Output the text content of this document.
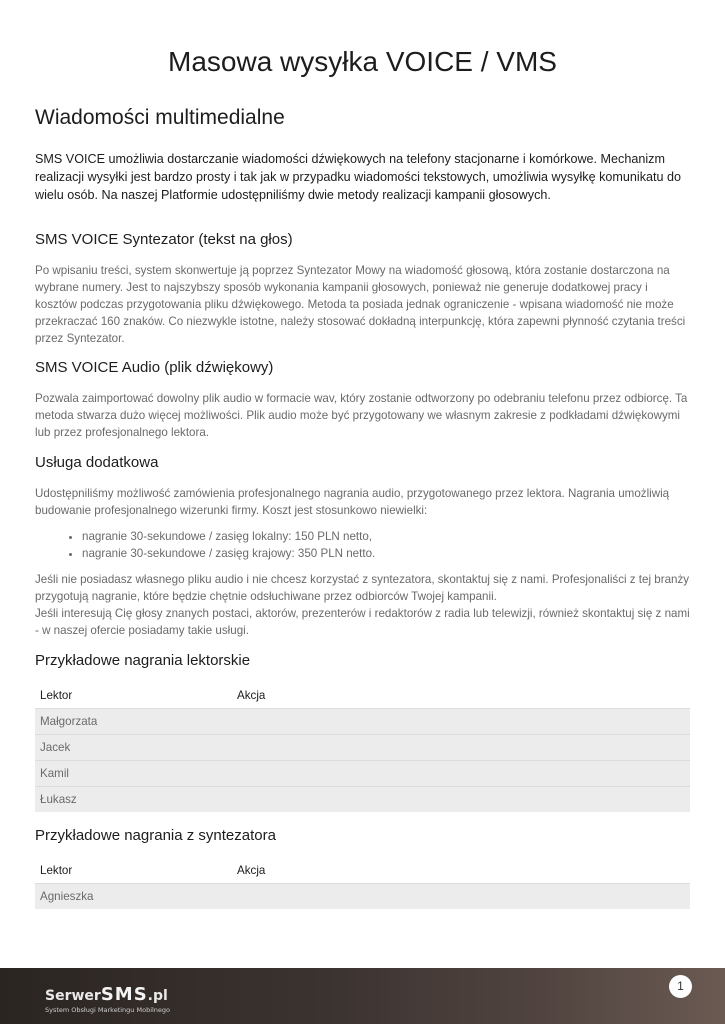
Masowa wysyłka VOICE / VMS
Wiadomości multimedialne

SMS VOICE umożliwia dostarczanie wiadomości dźwiękowych na telefony stacjonarne i komórkowe. Mechanizm realizacji wysyłki jest bardzo prosty i tak jak w przypadku wiadomości tekstowych, umożliwia wysyłkę komunikatu do wielu osób. Na naszej Platformie udostępniliśmy dwie metody realizacji kampanii głosowych.

SMS VOICE Syntezator (tekst na głos)

Po wpisaniu treści, system skonwertuje ją poprzez Syntezator Mowy na wiadomość głosową, która zostanie dostarczona na wybrane numery. Jest to najszybszy sposób wykonania kampanii głosowych, ponieważ nie generuje dodatkowej pracy i kosztów podczas przygotowania pliku dźwiękowego. Metoda ta posiada jednak ograniczenie - wpisana wiadomość nie może przekraczać 160 znaków. Co niezwykle istotne, należy stosować dokładną interpunkcję, która zapewni płynność czytania treści przez Syntezator.

SMS VOICE Audio (plik dźwiękowy)

Pozwala zaimportować dowolny plik audio w formacie wav, który zostanie odtworzony po odebraniu telefonu przez odbiorcę. Ta metoda stwarza dużo więcej możliwości. Plik audio może być przygotowany we własnym zakresie z podkładami dźwiękowymi lub przez profesjonalnego lektora.

Usługa dodatkowa

Udostępniliśmy możliwość zamówienia profesjonalnego nagrania audio, przygotowanego przez lektora. Nagrania umożliwią budowanie profesjonalnego wizerunki firmy. Koszt jest stosunkowo niewielki:

• nagranie 30-sekundowe / zasięg lokalny: 150 PLN netto,
• nagranie 30-sekundowe / zasięg krajowy: 350 PLN netto.

Jeśli nie posiadasz własnego pliku audio i nie chcesz korzystać z syntezatora, skontaktuj się z nami. Profesjonaliści z tej branży przygotują nagranie, które będzie chętnie odsłuchiwane przez odbiorców Twojej kampanii.
Jeśli interesują Cię głosy znanych postaci, aktorów, prezenterów i redaktorów z radia lub telewizji, również skontaktuj się z nami - w naszej ofercie posiadamy takie usługi.

Przykładowe nagrania lektorskie
Lektor	Akcja
Małgorzata	
Jacek	
Kamil	
Łukasz	
Przykładowe nagrania z syntezatora
Lektor	Akcja
Agnieszka	
SerwerSMS.pl
System Obsługi Marketingu Mobilnego
1
